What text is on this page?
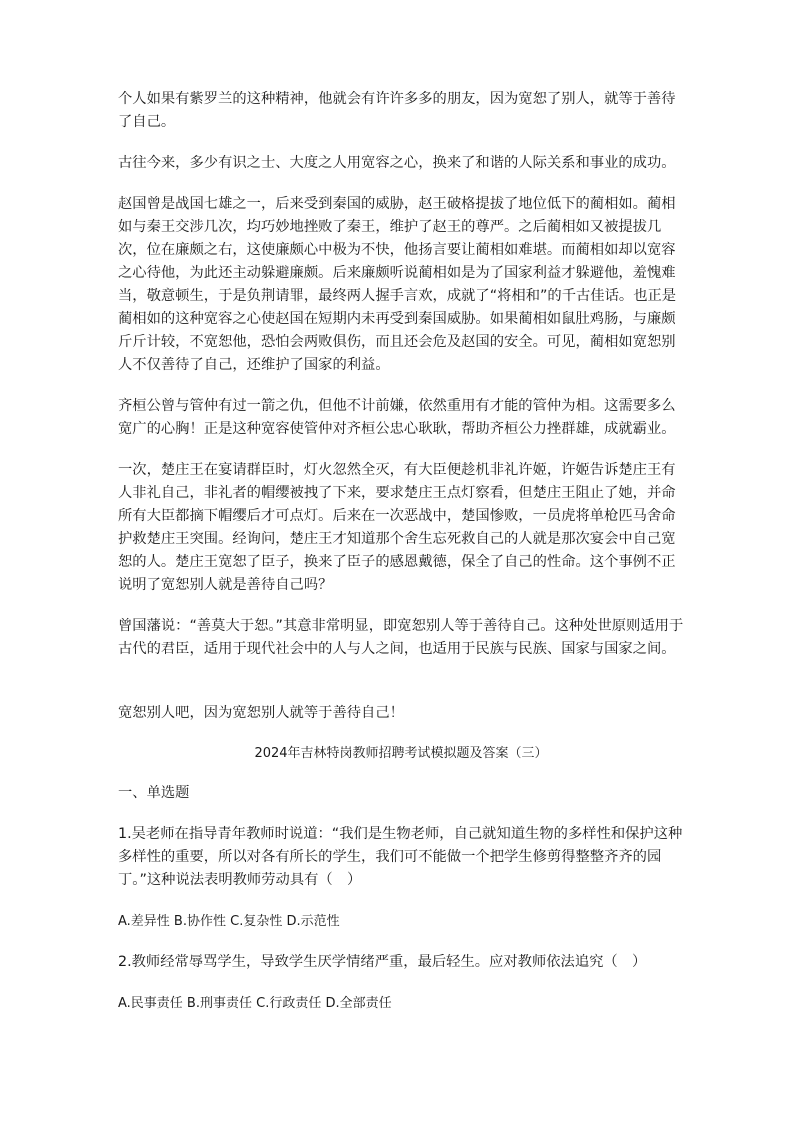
个人如果有紫罗兰的这种精神，他就会有许许多多的朋友，因为宽恕了别人，就等于善待了自己。

古往今来，多少有识之士、大度之人用宽容之心，换来了和谐的人际关系和事业的成功。

赵国曾是战国七雄之一，后来受到秦国的威胁，赵王破格提拔了地位低下的蔺相如。蔺相如与秦王交涉几次，均巧妙地挫败了秦王，维护了赵王的尊严。之后蔺相如又被提拔几次，位在廉颇之右，这使廉颇心中极为不快，他扬言要让蔺相如难堪。而蔺相如却以宽容之心待他，为此还主动躲避廉颇。后来廉颇听说蔺相如是为了国家利益才躲避他，羞愧难当，敬意顿生，于是负荆请罪，最终两人握手言欢，成就了“将相和”的千古佳话。也正是蔺相如的这种宽容之心使赵国在短期内未再受到秦国威胁。如果蔺相如鼠肚鸡肠，与廉颇斤斤计较，不宽恕他，恐怕会两败俱伤，而且还会危及赵国的安全。可见，蔺相如宽恕别人不仅善待了自己，还维护了国家的利益。

齐桓公曾与管仲有过一箭之仇，但他不计前嫌，依然重用有才能的管仲为相。这需要多么宽广的心胸！正是这种宽容使管仲对齐桓公忠心耿耿，帮助齐桓公力挫群雄，成就霸业。

一次，楚庄王在宴请群臣时，灯火忽然全灭，有大臣便趁机非礼许姬，许姬告诉楚庄王有人非礼自己，非礼者的帽缨被拽了下来，要求楚庄王点灯察看，但楚庄王阻止了她，并命所有大臣都摘下帽缨后才可点灯。后来在一次恶战中，楚国惨败，一员虎将单枪匹马舍命护救楚庄王突围。经询问，楚庄王才知道那个舍生忘死救自己的人就是那次宴会中自己宽恕的人。楚庄王宽恕了臣子，换来了臣子的感恩戴德，保全了自己的性命。这个事例不正说明了宽恕别人就是善待自己吗？

曾国藩说：“善莫大于恕。”其意非常明显，即宽恕别人等于善待自己。这种处世原则适用于古代的君臣，适用于现代社会中的人与人之间，也适用于民族与民族、国家与国家之间。

宽恕别人吧，因为宽恕别人就等于善待自己！

2024年吉林特岗教师招聘考试模拟题及答案（三）

一、单选题

1.吴老师在指导青年教师时说道：“我们是生物老师，自己就知道生物的多样性和保护这种多样性的重要，所以对各有所长的学生，我们可不能做一个把学生修剪得整整齐齐的园丁。”这种说法表明教师劳动具有（　）

A.差异性 B.协作性 C.复杂性 D.示范性

2.教师经常辱骂学生，导致学生厌学情绪严重，最后轻生。应对教师依法追究（　）

A.民事责任 B.刑事责任 C.行政责任 D.全部责任
